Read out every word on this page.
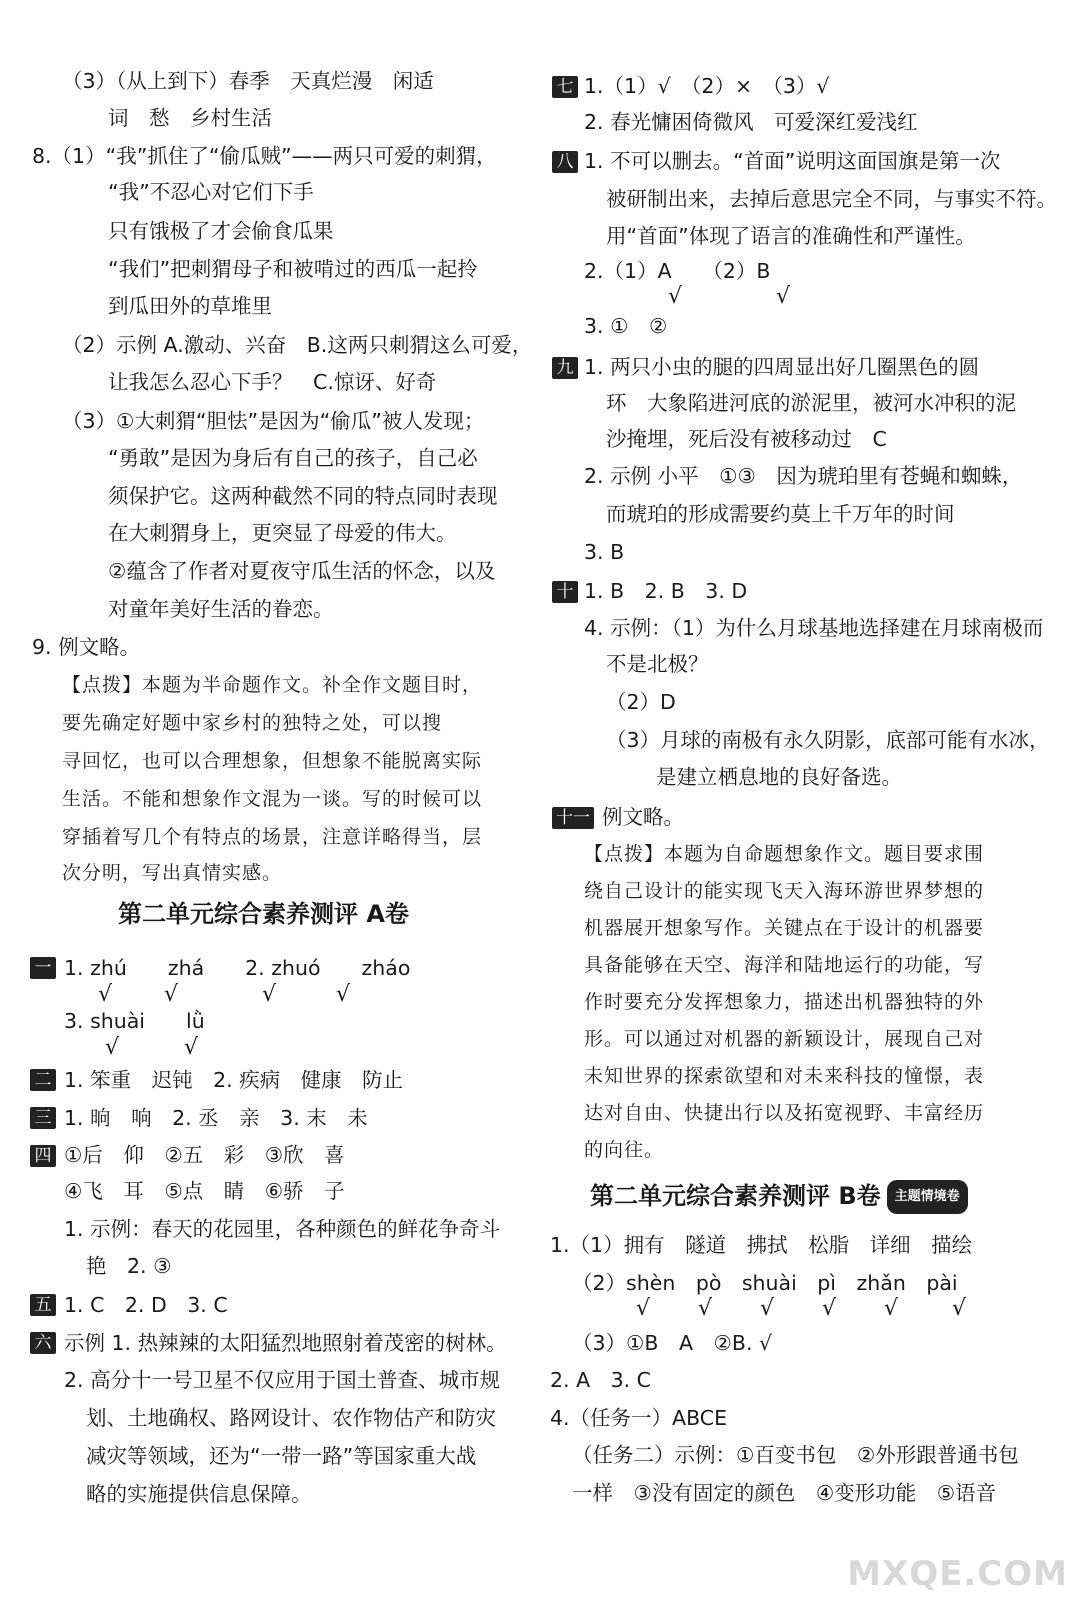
（3）（从上到下）春季　天真烂漫　闲适
词　愁　乡村生活
8.（1）“我”抓住了“偷瓜贼”——两只可爱的刺猬，
“我”不忍心对它们下手
只有饿极了才会偷食瓜果
“我们”把刺猬母子和被啃过的西瓜一起拎
到瓜田外的草堆里
（2）示例 A.激动、兴奋　B.这两只刺猬这么可爱，
让我怎么忍心下手？　C.惊讶、好奇
（3）①大刺猬“胆怯”是因为“偷瓜”被人发现；
“勇敢”是因为身后有自己的孩子，自己必
须保护它。这两种截然不同的特点同时表现
在大刺猬身上，更突显了母爱的伟大。
②蕴含了作者对夏夜守瓜生活的怀念，以及
对童年美好生活的眷恋。
9. 例文略。
【点拨】本题为半命题作文。补全作文题目时，
要先确定好题中家乡村的独特之处，可以搜
寻回忆，也可以合理想象，但想象不能脱离实际
生活。不能和想象作文混为一谈。写的时候可以
穿插着写几个有特点的场景，注意详略得当，层
次分明，写出真情实感。
第二单元综合素养测评 A卷
一 1. zhú　　zhá　　2. zhuó　　zháo
√ √	√	√
3. shuài　　lǜ
√	√
二 1. 笨重　迟钝　2. 疾病　健康　防止
三 1. 晌　响　2. 丞　亲　3. 末　未
四 ①后　仰　②五　彩　③欣　喜
④飞　耳　⑤点　睛　⑥骄　子
1. 示例：春天的花园里，各种颜色的鲜花争奇斗
艳　2. ③
五 1. C　2. D　3. C
六 示例 1. 热辣辣的太阳猛烈地照射着茂密的树林。
2. 高分十一号卫星不仅应用于国土普查、城市规
划、土地确权、路网设计、农作物估产和防灾
减灾等领域，还为“一带一路”等国家重大战
略的实施提供信息保障。
七 1.（1）√　（2）×　（3）√
2. 春光慵困倚微风　可爱深红爱浅红
八 1. 不可以删去。“首面”说明这面国旗是第一次
被研制出来，去掉后意思完全不同，与事实不符。
用“首面”体现了语言的准确性和严谨性。
2.（1）A　　（2）B
√	√
3. ①　②
九 1. 两只小虫的腿的四周显出好几圈黑色的圆
环　大象陷进河底的淤泥里，被河水冲积的泥
沙掩埋，死后没有被移动过　C
2. 示例 小平　①③　因为琥珀里有苍蝇和蜘蛛，
而琥珀的形成需要约莫上千万年的时间
3. B
十 1. B　2. B　3. D
4. 示例：（1）为什么月球基地选择建在月球南极而
不是北极？
（2）D
（3）月球的南极有永久阴影，底部可能有水冰，
是建立栖息地的良好备选。
十一 例文略。
【点拨】本题为自命题想象作文。题目要求围
绕自己设计的能实现飞天入海环游世界梦想的
机器展开想象写作。关键点在于设计的机器要
具备能够在天空、海洋和陆地运行的功能，写
作时要充分发挥想象力，描述出机器独特的外
形。可以通过对机器的新颖设计，展现自己对
未知世界的探索欲望和对未来科技的憧憬，表
达对自由、快捷出行以及拓宽视野、丰富经历
的向往。
第二单元综合素养测评 B卷 主题情境卷
1.（1）拥有　隧道　拂拭　松脂　详细　描绘
（2）shèn　pò　shuài　pì　zhǎn　pài
√ √ √ √ √ √
（3）①B　A　②B. √
2. A　3. C
4.（任务一）ABCE
（任务二）示例：①百变书包　②外形跟普通书包
一样　③没有固定的颜色　④变形功能　⑤语音
MXQE.COM
